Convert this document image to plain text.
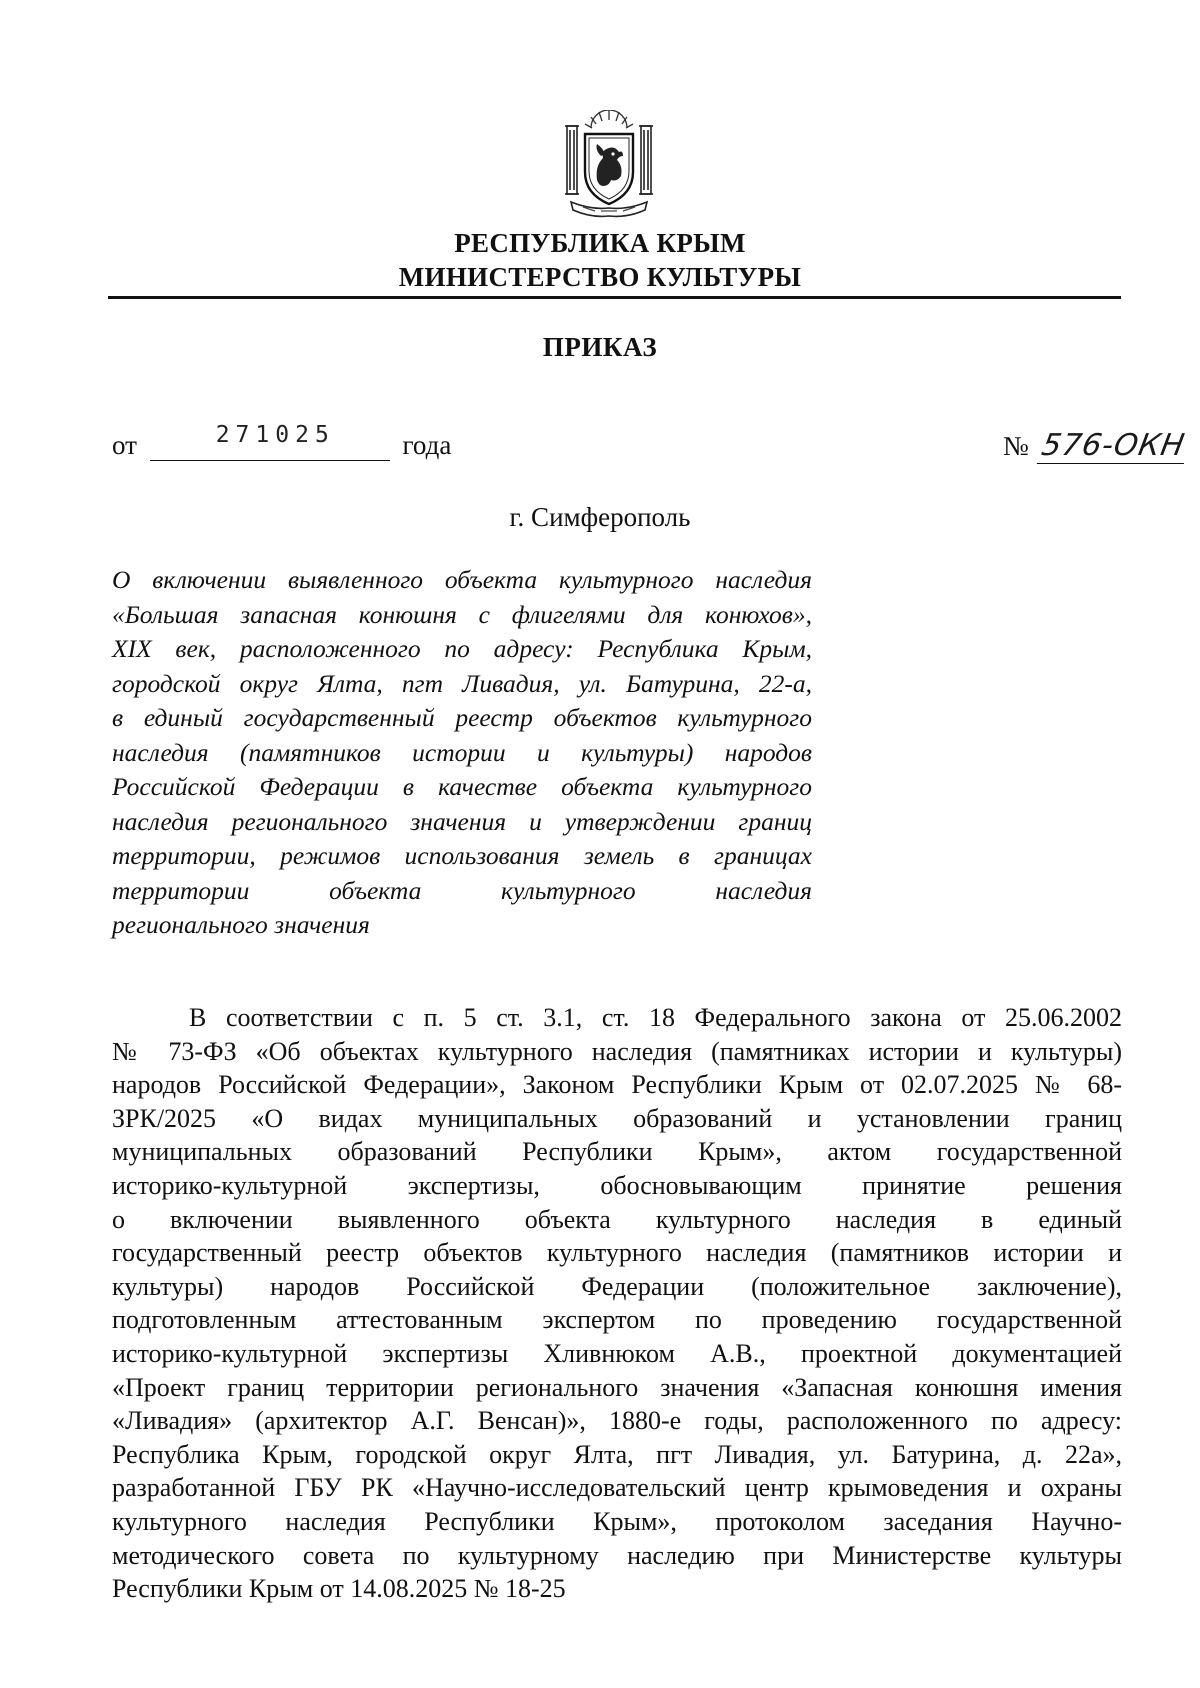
РЕСПУБЛИКА КРЫМ
МИНИСТЕРСТВО КУЛЬТУРЫ
ПРИКАЗ
от	271025	года	№ 576-ОКН
г. Симферополь
О включении выявленного объекта культурного наследия
«Большая запасная конюшня с флигелями для конюхов»,
XIX век, расположенного по адресу: Республика Крым,
городской округ Ялта, пгт Ливадия, ул. Батурина, 22-а,
в единый государственный реестр объектов культурного
наследия (памятников истории и культуры) народов
Российской Федерации в качестве объекта культурного
наследия регионального значения и утверждении границ
территории, режимов использования земель в границах
территории объекта культурного наследия
регионального значения
В соответствии с п. 5 ст. 3.1, ст. 18 Федерального закона от 25.06.2002
№ 73-ФЗ «Об объектах культурного наследия (памятниках истории и культуры)
народов Российской Федерации», Законом Республики Крым от 02.07.2025 № 68-
ЗРК/2025 «О видах муниципальных образований и установлении границ
муниципальных образований Республики Крым», актом государственной
историко-культурной экспертизы, обосновывающим принятие решения
о включении выявленного объекта культурного наследия в единый
государственный реестр объектов культурного наследия (памятников истории и
культуры) народов Российской Федерации (положительное заключение),
подготовленным аттестованным экспертом по проведению государственной
историко-культурной экспертизы Хливнюком А.В., проектной документацией
«Проект границ территории регионального значения «Запасная конюшня имения
«Ливадия» (архитектор А.Г. Венсан)», 1880-е годы, расположенного по адресу:
Республика Крым, городской округ Ялта, пгт Ливадия, ул. Батурина, д. 22а»,
разработанной ГБУ РК «Научно-исследовательский центр крымоведения и охраны
культурного наследия Республики Крым», протоколом заседания Научно-
методического совета по культурному наследию при Министерстве культуры
Республики Крым от 14.08.2025 № 18-25
